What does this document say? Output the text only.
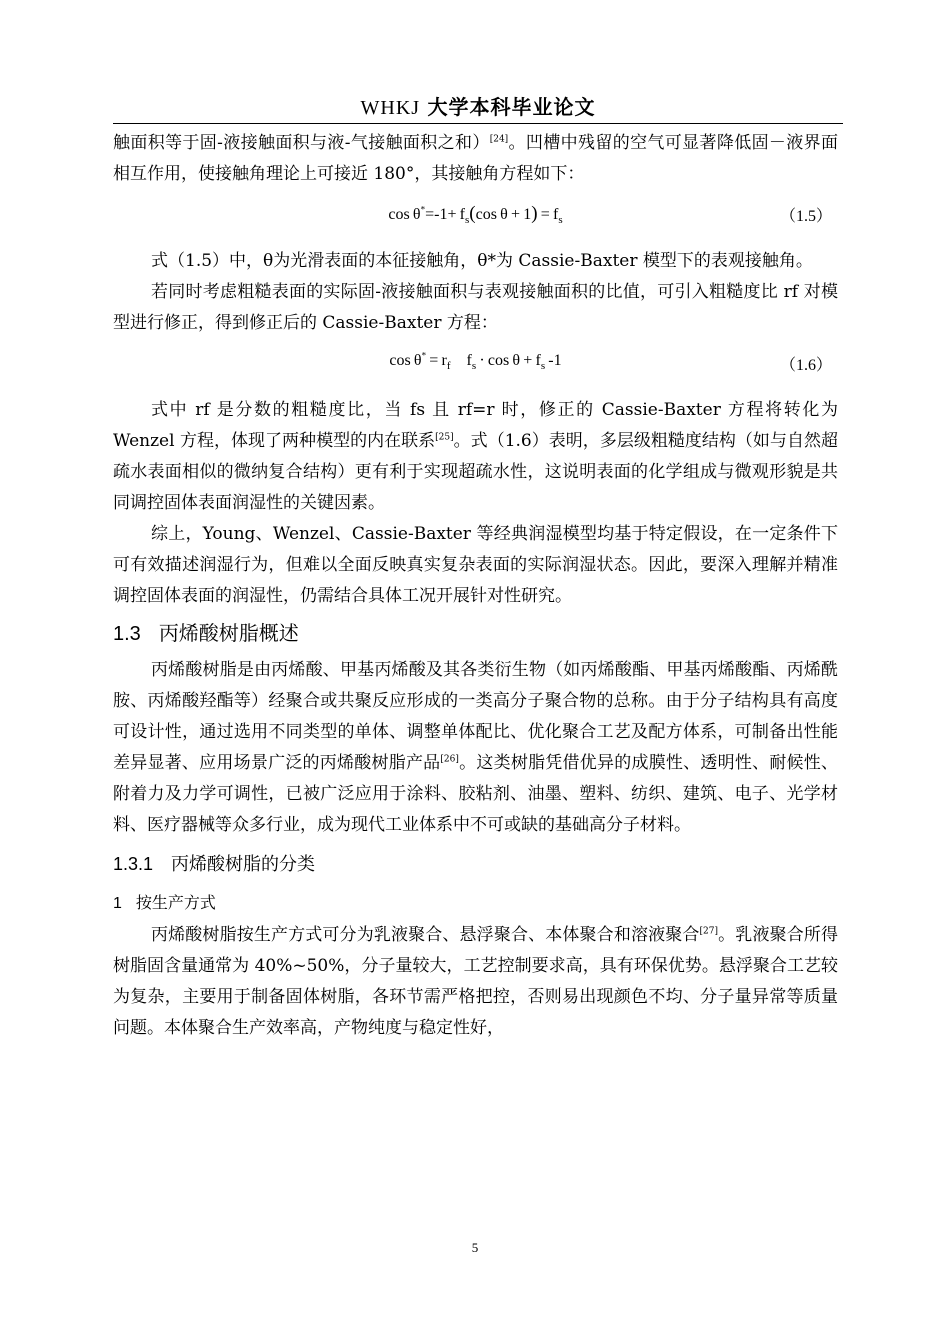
WHKJ 大学本科毕业论文

触面积等于固-液接触面积与液-气接触面积之和）[24]。凹槽中残留的空气可显著降低固－液界面相互作用，使接触角理论上可接近 180°，其接触角方程如下：

$\cos \theta^*=-1+ f_s(\cos$ $\theta + 1) = f_s$	（1.5）

式（1.5）中，θ为光滑表面的本征接触角，θ*为 Cassie-Baxter 模型下的表观接触角。

若同时考虑粗糙表面的实际固-液接触面积与表观接触面积的比值，可引入粗糙度比 rf 对模型进行修正，得到修正后的 Cassie-Baxter 方程：

$\cos \theta^* = r_f$ $f_s \cdot \cos \theta + f_s$ -1	（1.6）

式中 rf 是分数的粗糙度比，当 fs 且 rf=r 时，修正的 Cassie-Baxter 方程将转化为 Wenzel 方程，体现了两种模型的内在联系[25]。式（1.6）表明，多层级粗糙度结构（如与自然超疏水表面相似的微纳复合结构）更有利于实现超疏水性，这说明表面的化学组成与微观形貌是共同调控固体表面润湿性的关键因素。

综上，Young、Wenzel、Cassie-Baxter 等经典润湿模型均基于特定假设，在一定条件下可有效描述润湿行为，但难以全面反映真实复杂表面的实际润湿状态。因此，要深入理解并精准调控固体表面的润湿性，仍需结合具体工况开展针对性研究。

1.3 丙烯酸树脂概述

丙烯酸树脂是由丙烯酸、甲基丙烯酸及其各类衍生物（如丙烯酸酯、甲基丙烯酸酯、丙烯酰胺、丙烯酸羟酯等）经聚合或共聚反应形成的一类高分子聚合物的总称。由于分子结构具有高度可设计性，通过选用不同类型的单体、调整单体配比、优化聚合工艺及配方体系，可制备出性能差异显著、应用场景广泛的丙烯酸树脂产品[26]。这类树脂凭借优异的成膜性、透明性、耐候性、附着力及力学可调性，已被广泛应用于涂料、胶粘剂、油墨、塑料、纺织、建筑、电子、光学材料、医疗器械等众多行业，成为现代工业体系中不可或缺的基础高分子材料。

1.3.1 丙烯酸树脂的分类
1 按生产方式

丙烯酸树脂按生产方式可分为乳液聚合、悬浮聚合、本体聚合和溶液聚合[27]。乳液聚合所得树脂固含量通常为 40%~50%，分子量较大，工艺控制要求高，具有环保优势。悬浮聚合工艺较为复杂，主要用于制备固体树脂，各环节需严格把控，否则易出现颜色不均、分子量异常等质量问题。本体聚合生产效率高，产物纯度与稳定性好，

5
